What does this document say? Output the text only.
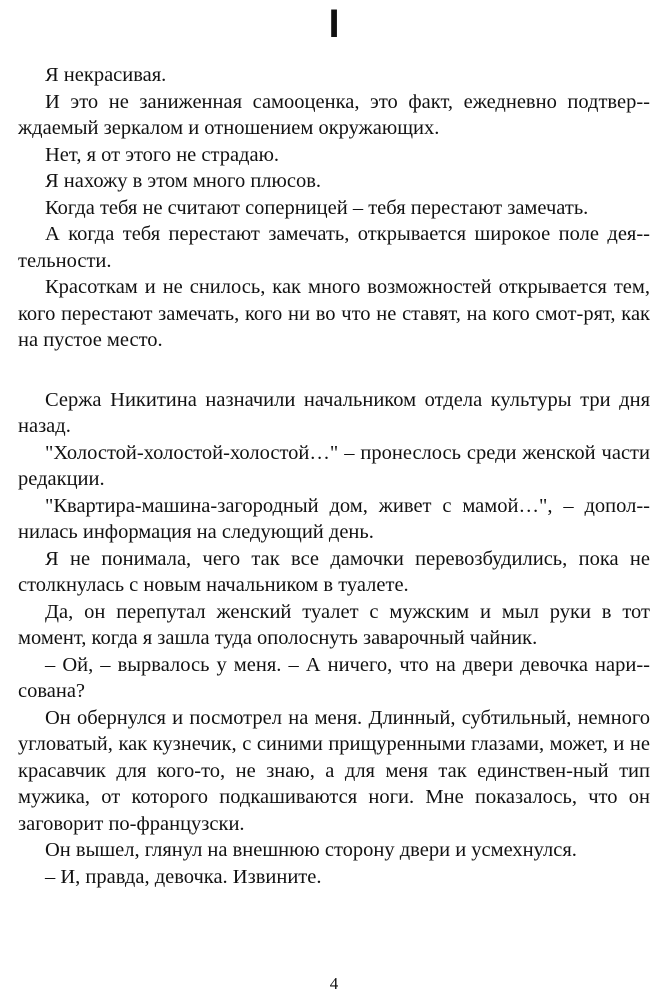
I

Я некрасивая.

И это не заниженная самооценка, это факт, ежедневно подтвер-ждаемый зеркалом и отношением окружающих.

Нет, я от этого не страдаю.

Я нахожу в этом много плюсов.

Когда тебя не считают соперницей – тебя перестают замечать.

А когда тебя перестают замечать, открывается широкое поле дея-тельности.

Красоткам и не снилось, как много возможностей открывается тем, кого перестают замечать, кого ни во что не ставят, на кого смот-рят, как на пустое место.

Сержа Никитина назначили начальником отдела культуры три дня назад.

"Холостой-холостой-холостой…" – пронеслось среди женской части редакции.

"Квартира-машина-загородный дом, живет с мамой…", – допол-нилась информация на следующий день.

Я не понимала, чего так все дамочки перевозбудились, пока не столкнулась с новым начальником в туалете.

Да, он перепутал женский туалет с мужским и мыл руки в тот момент, когда я зашла туда ополоснуть заварочный чайник.

– Ой, – вырвалось у меня. – А ничего, что на двери девочка нари-сована?

Он обернулся и посмотрел на меня. Длинный, субтильный, немного угловатый, как кузнечик, с синими прищуренными глазами, может, и не красавчик для кого-то, не знаю, а для меня так единствен-ный тип мужика, от которого подкашиваются ноги. Мне показалось, что он заговорит по-французски.

Он вышел, глянул на внешнюю сторону двери и усмехнулся.

– И, правда, девочка. Извините.

4
